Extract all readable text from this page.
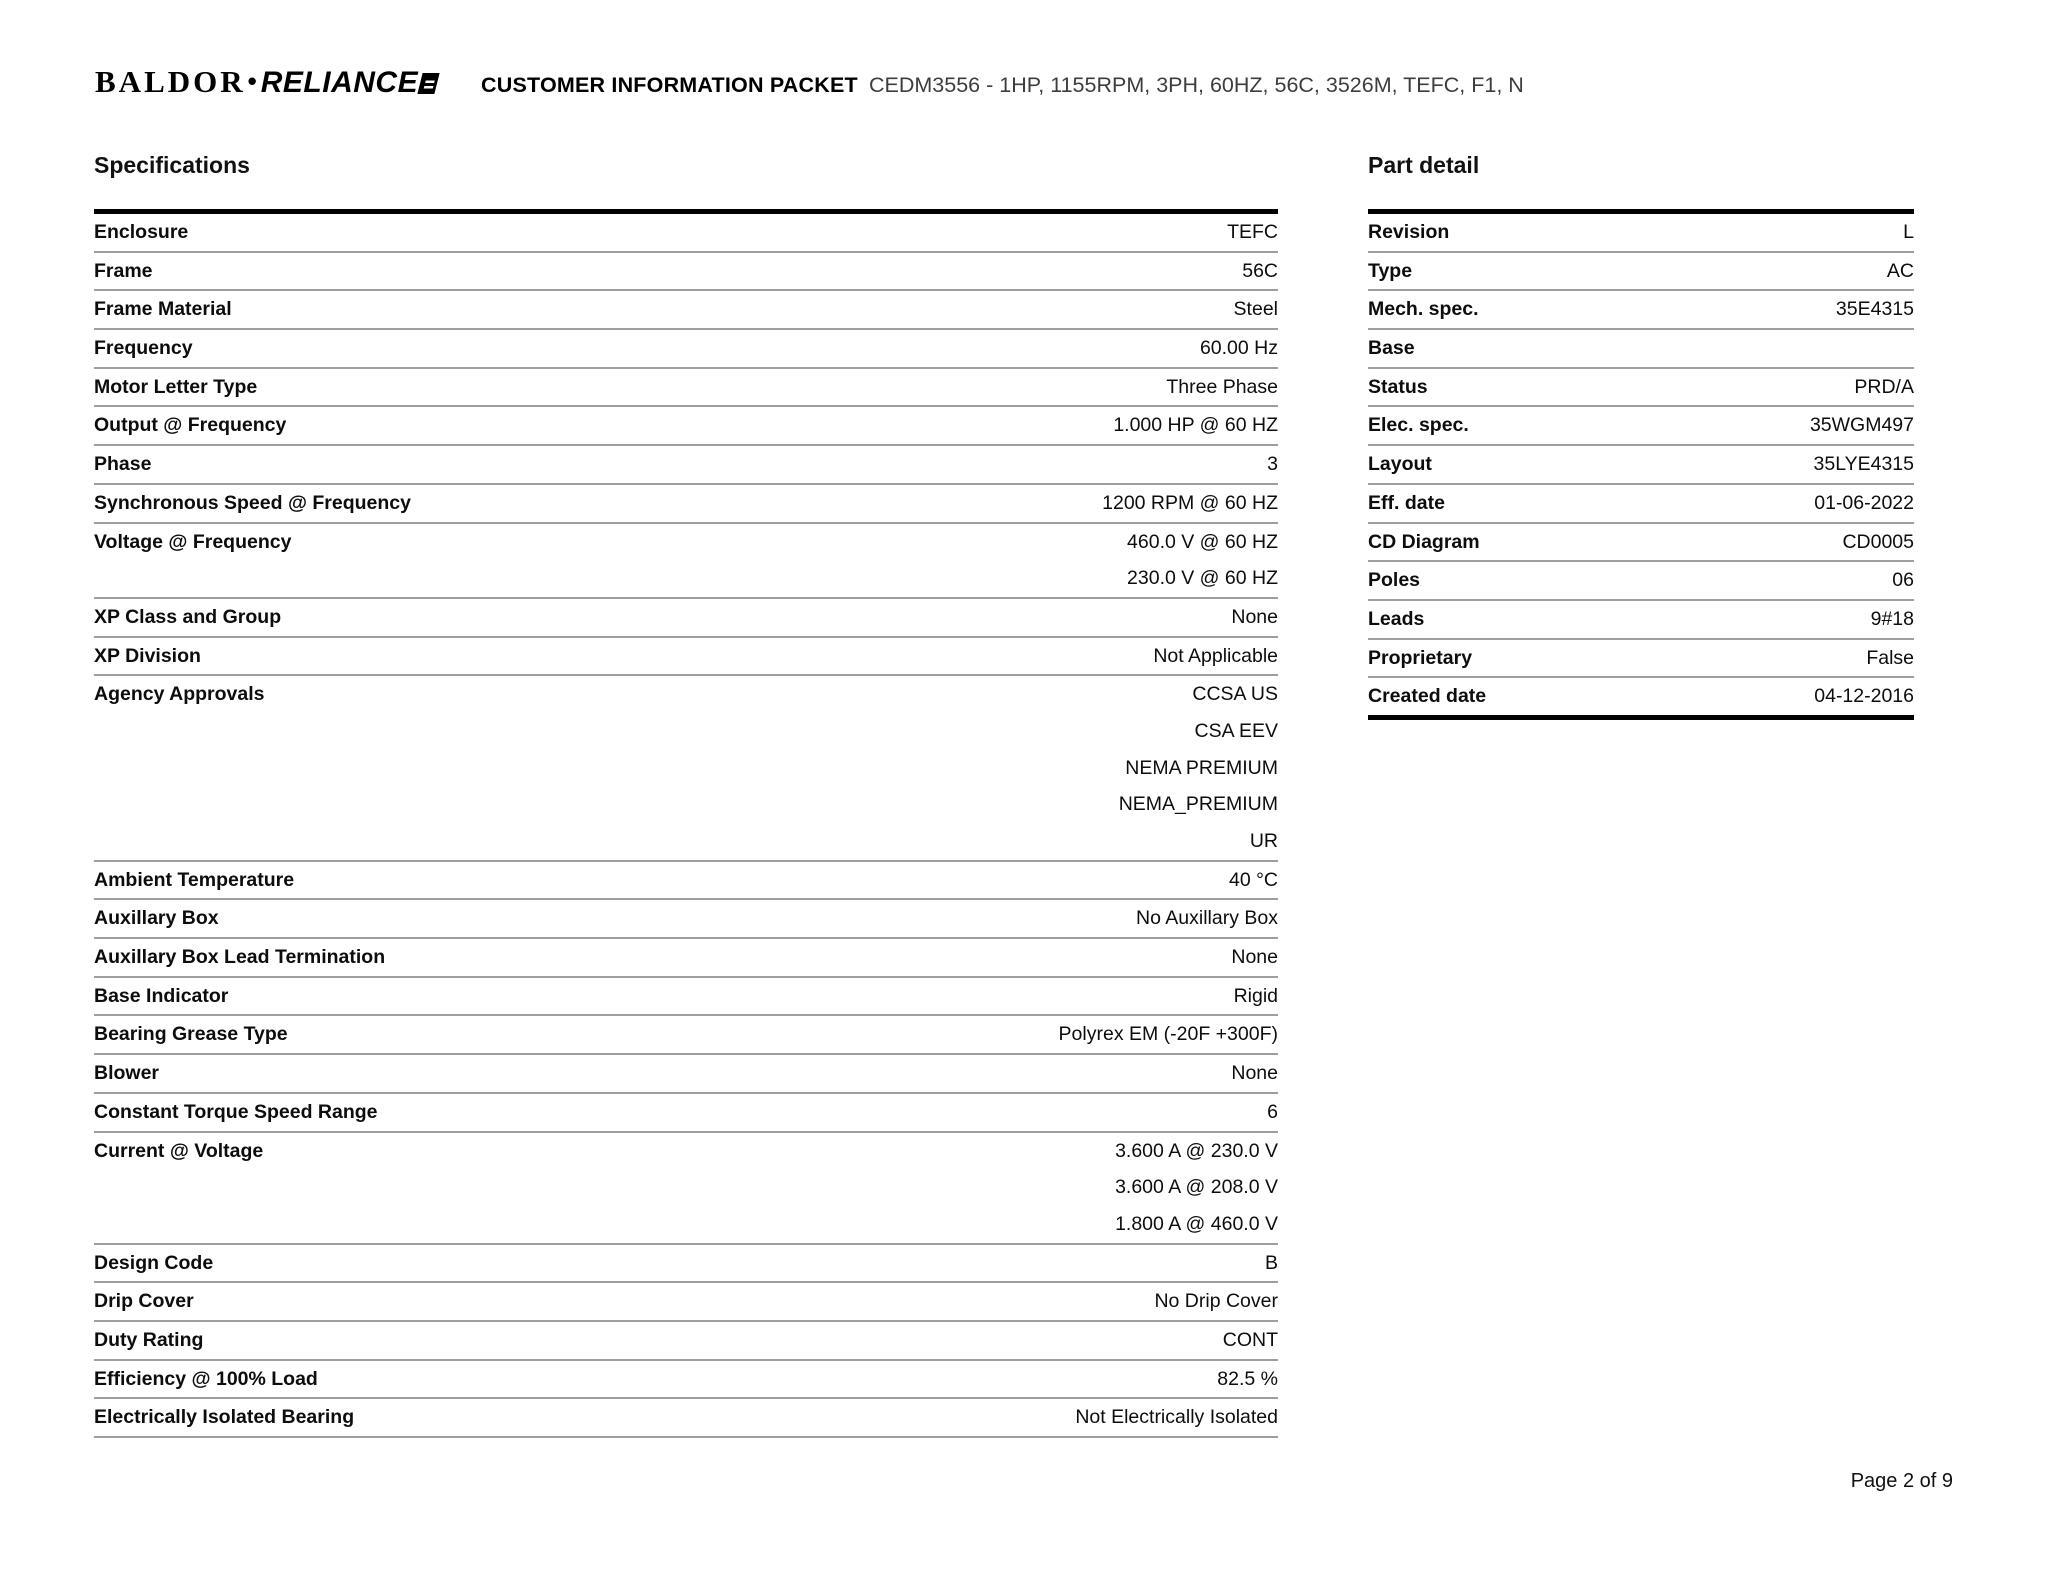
BALDOR• RELIANCE	CUSTOMER INFORMATION PACKET CEDM3556 - 1HP, 1155RPM, 3PH, 60HZ, 56C, 3526M, TEFC, F1, N
Specifications
Enclosure	TEFC
Frame	56C
Frame Material	Steel
Frequency	60.00 Hz
Motor Letter Type	Three Phase
Output @ Frequency	1.000 HP @ 60 HZ
Phase	3
Synchronous Speed @ Frequency	1200 RPM @ 60 HZ
Voltage @ Frequency	460.0 V @ 60 HZ
230.0 V @ 60 HZ
XP Class and Group	None
XP Division	Not Applicable
Agency Approvals	CCSA US
CSA EEV
NEMA PREMIUM
NEMA_PREMIUM
UR
Ambient Temperature	40 °C
Auxillary Box	No Auxillary Box
Auxillary Box Lead Termination	None
Base Indicator	Rigid
Bearing Grease Type	Polyrex EM (-20F +300F)
Blower	None
Constant Torque Speed Range	6
Current @ Voltage	3.600 A @ 230.0 V
3.600 A @ 208.0 V
1.800 A @ 460.0 V
Design Code	B
Drip Cover	No Drip Cover
Duty Rating	CONT
Efficiency @ 100% Load	82.5 %
Electrically Isolated Bearing	Not Electrically Isolated
Part detail
Revision	L
Type	AC
Mech. spec.	35E4315
Base

Status	PRD/A
Elec. spec.	35WGM497
Layout	35LYE4315
Eff. date	01-06-2022
CD Diagram	CD0005
Poles	06
Leads	9#18
Proprietary	False
Created date	04-12-2016
Page 2 of 9
